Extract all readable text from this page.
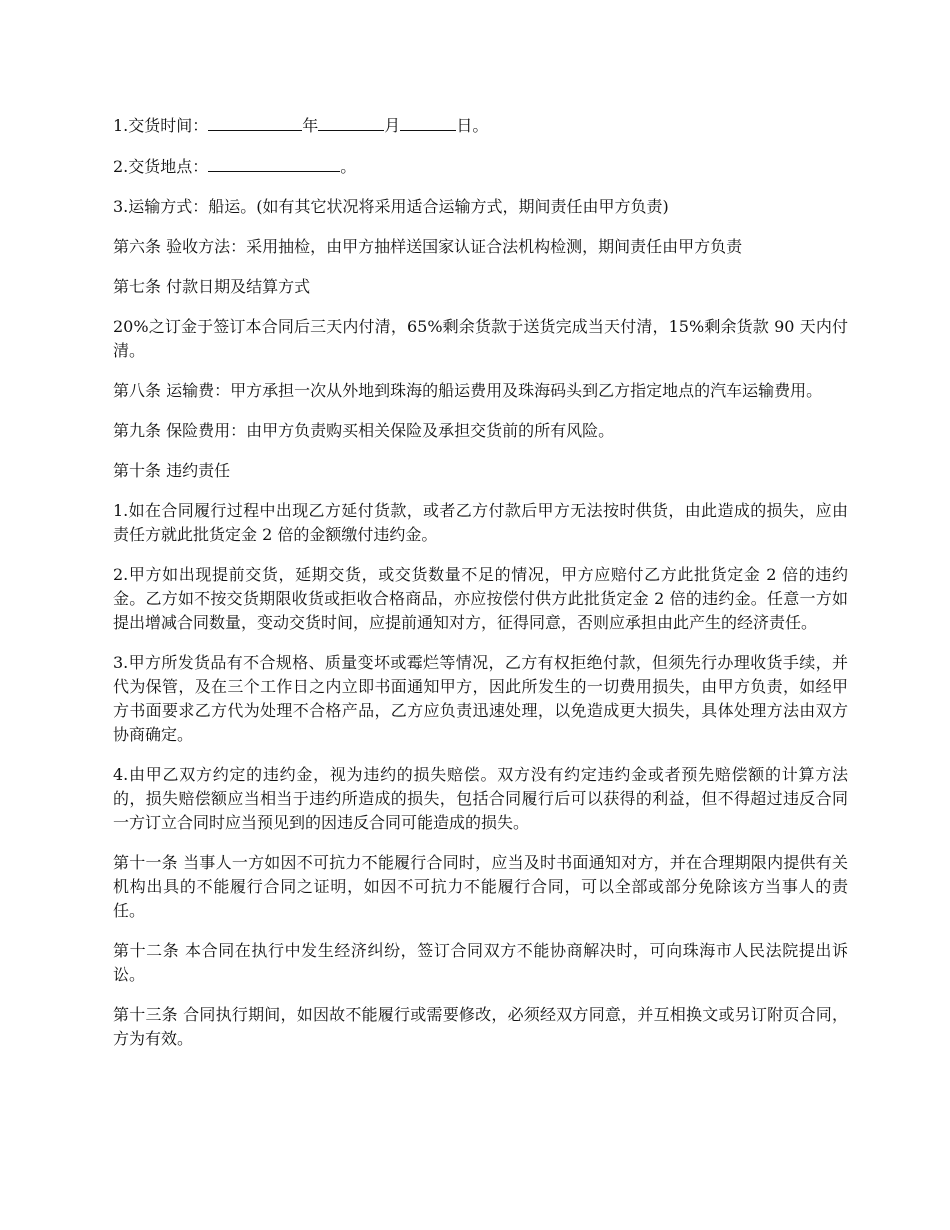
1.交货时间：	年	月	日。

2.交货地点：	。

3.运输方式：船运。(如有其它状况将采用适合运输方式，期间责任由甲方负责)

第六条 验收方法：采用抽检，由甲方抽样送国家认证合法机构检测，期间责任由甲方负责

第七条 付款日期及结算方式

20%之订金于签订本合同后三天内付清，65%剩余货款于送货完成当天付清，15%剩余货款 90 天内付清。

第八条 运输费：甲方承担一次从外地到珠海的船运费用及珠海码头到乙方指定地点的汽车运输费用。

第九条 保险费用：由甲方负责购买相关保险及承担交货前的所有风险。

第十条 违约责任

1.如在合同履行过程中出现乙方延付货款，或者乙方付款后甲方无法按时供货，由此造成的损失，应由责任方就此批货定金 2 倍的金额缴付违约金。

2.甲方如出现提前交货，延期交货，或交货数量不足的情况，甲方应赔付乙方此批货定金 2 倍的违约金。乙方如不按交货期限收货或拒收合格商品，亦应按偿付供方此批货定金 2 倍的违约金。任意一方如提出增减合同数量，变动交货时间，应提前通知对方，征得同意，否则应承担由此产生的经济责任。

3.甲方所发货品有不合规格、质量变坏或霉烂等情况，乙方有权拒绝付款，但须先行办理收货手续，并代为保管，及在三个工作日之内立即书面通知甲方，因此所发生的一切费用损失，由甲方负责，如经甲方书面要求乙方代为处理不合格产品，乙方应负责迅速处理，以免造成更大损失，具体处理方法由双方协商确定。

4.由甲乙双方约定的违约金，视为违约的损失赔偿。双方没有约定违约金或者预先赔偿额的计算方法的，损失赔偿额应当相当于违约所造成的损失，包括合同履行后可以获得的利益，但不得超过违反合同一方订立合同时应当预见到的因违反合同可能造成的损失。

第十一条 当事人一方如因不可抗力不能履行合同时，应当及时书面通知对方，并在合理期限内提供有关机构出具的不能履行合同之证明，如因不可抗力不能履行合同，可以全部或部分免除该方当事人的责任。

第十二条 本合同在执行中发生经济纠纷，签订合同双方不能协商解决时，可向珠海市人民法院提出诉讼。

第十三条 合同执行期间，如因故不能履行或需要修改，必须经双方同意，并互相换文或另订附页合同，方为有效。
